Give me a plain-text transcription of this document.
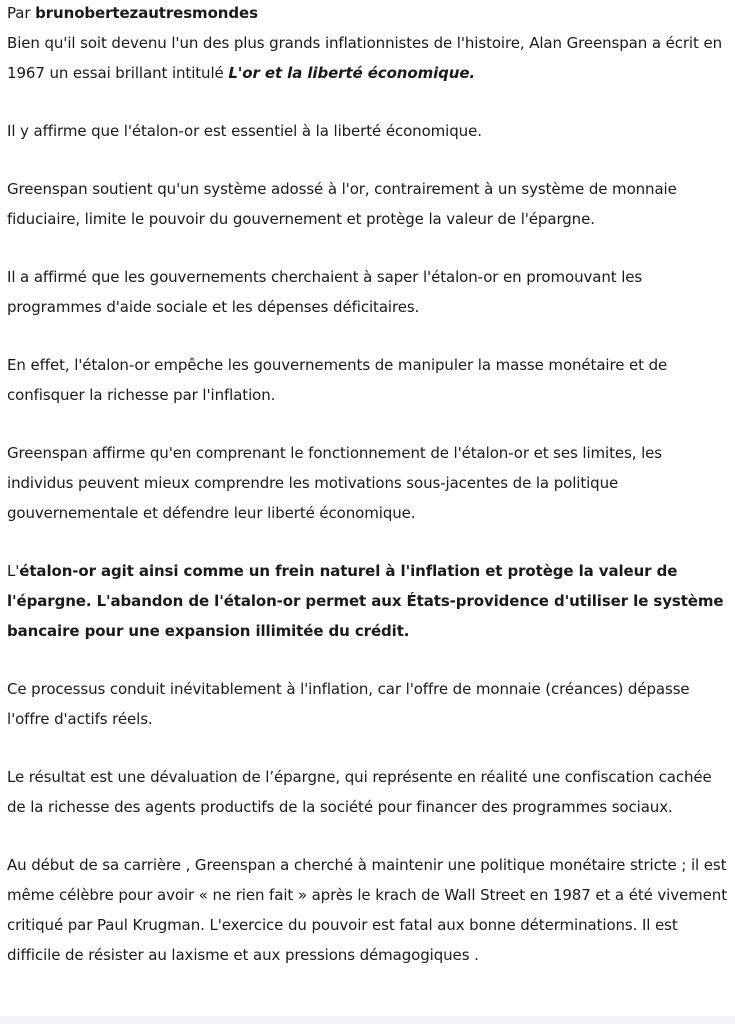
Par brunobertezautresmondes

Bien qu'il soit devenu l'un des plus grands inflationnistes de l'histoire, Alan Greenspan a écrit en 1967 un essai brillant intitulé L'or et la liberté économique.

Il y affirme que l'étalon-or est essentiel à la liberté économique.

Greenspan soutient qu'un système adossé à l'or, contrairement à un système de monnaie fiduciaire, limite le pouvoir du gouvernement et protège la valeur de l'épargne.

Il a affirmé que les gouvernements cherchaient à saper l'étalon-or en promouvant les programmes d'aide sociale et les dépenses déficitaires.

En effet, l'étalon-or empêche les gouvernements de manipuler la masse monétaire et de confisquer la richesse par l'inflation.

Greenspan affirme qu'en comprenant le fonctionnement de l'étalon-or et ses limites, les individus peuvent mieux comprendre les motivations sous-jacentes de la politique gouvernementale et défendre leur liberté économique.

L'étalon-or agit ainsi comme un frein naturel à l'inflation et protège la valeur de l'épargne. L'abandon de l'étalon-or permet aux États-providence d'utiliser le système bancaire pour une expansion illimitée du crédit.

Ce processus conduit inévitablement à l'inflation, car l'offre de monnaie (créances) dépasse l'offre d'actifs réels.

Le résultat est une dévaluation de l’épargne, qui représente en réalité une confiscation cachée de la richesse des agents productifs de la société pour financer des programmes sociaux.

Au début de sa carrière , Greenspan a cherché à maintenir une politique monétaire stricte ; il est même célèbre pour avoir « ne rien fait » après le krach de Wall Street en 1987 et a été vivement critiqué par Paul Krugman. L'exercice du pouvoir est fatal aux bonne déterminations. Il est difficile de résister au laxisme et aux pressions démagogiques .
